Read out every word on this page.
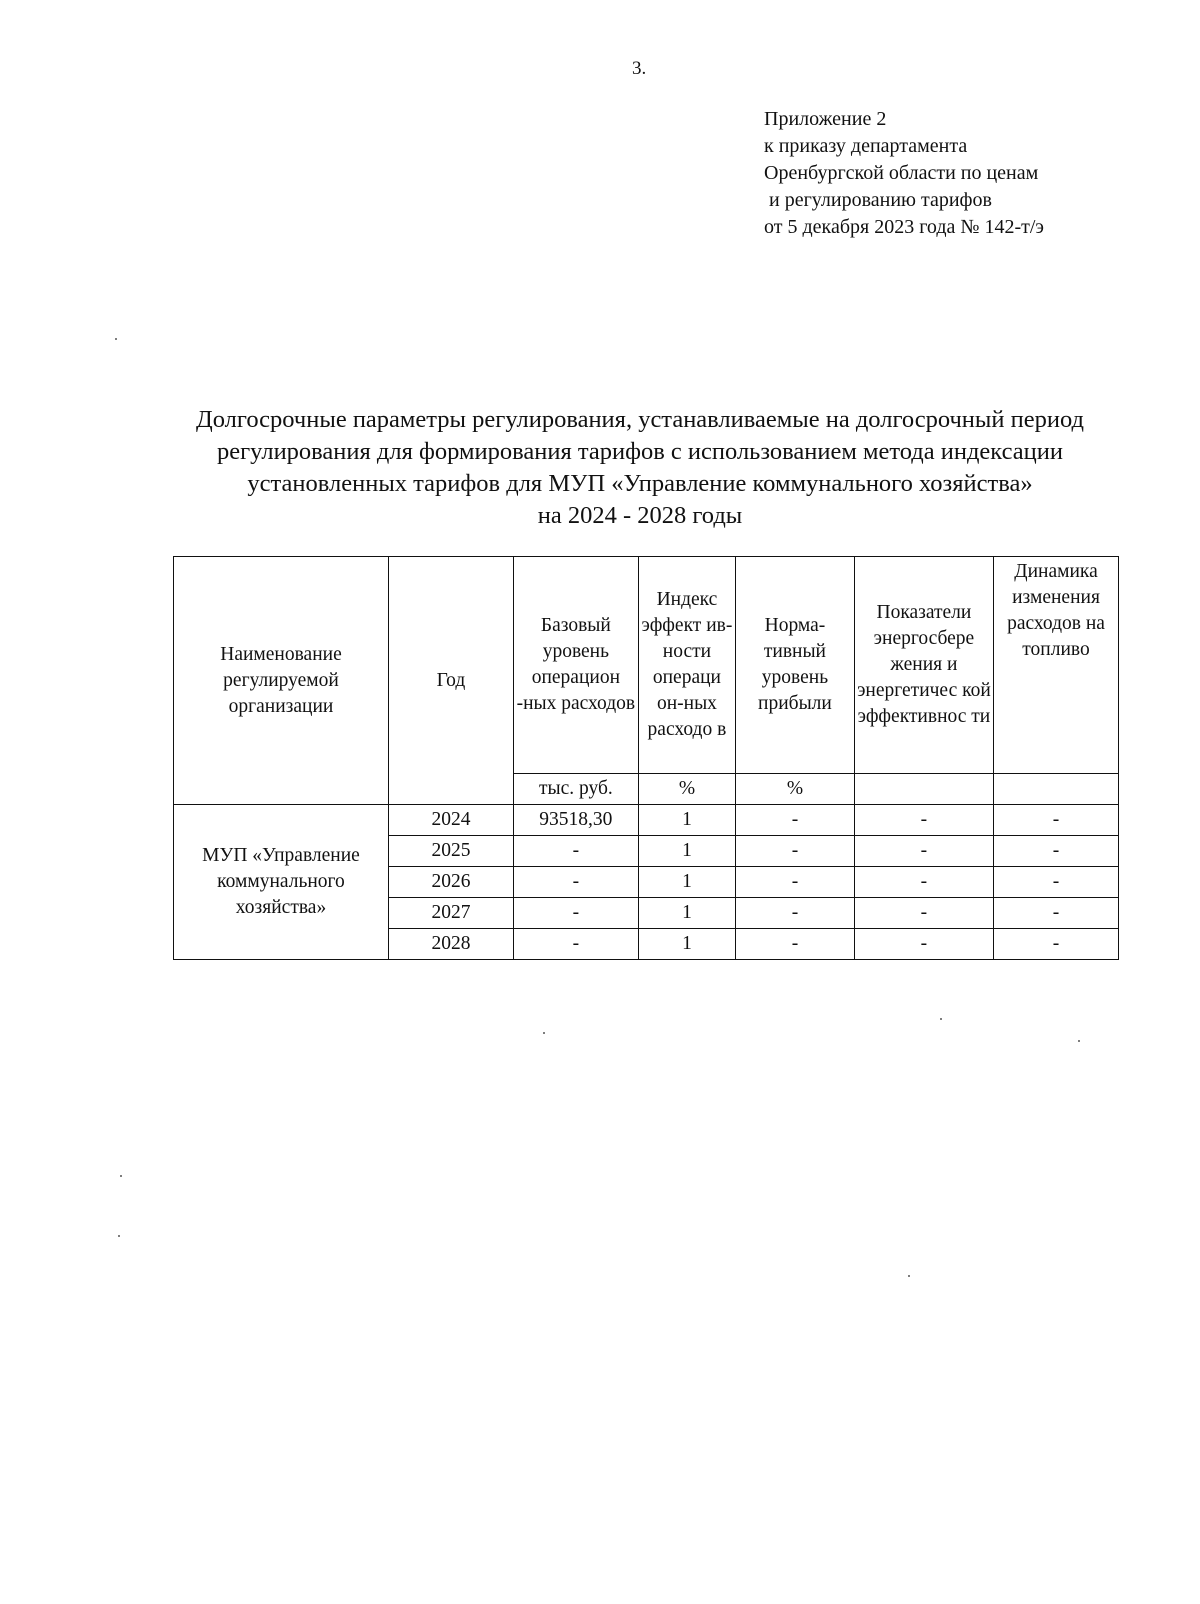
3.
Приложение 2
к приказу департамента
Оренбургской области по ценам
и регулированию тарифов
от 5 декабря 2023 года № 142-т/э
Долгосрочные параметры регулирования, устанавливаемые на долгосрочный период
регулирования для формирования тарифов с использованием метода индексации
установленных тарифов для МУП «Управление коммунального хозяйства»
на 2024 - 2028 годы
Наименование регулируемой организации	Год	Базовый уровень операцион -ных расходов	Индекс эффект ив- ности операци он-ных расходо в	Норма- тивный уровень прибыли	Показатели энергосбере жения и энергетичес кой эффективнос ти	Динамика изменения расходов на топливо
		тыс. руб.	%	%		
МУП «Управление коммунального хозяйства»	2024	93518,30	1	-	-	-
	2025	-	1	-	-	-
	2026	-	1	-	-	-
	2027	-	1	-	-	-
	2028	-	1	-	-	-
